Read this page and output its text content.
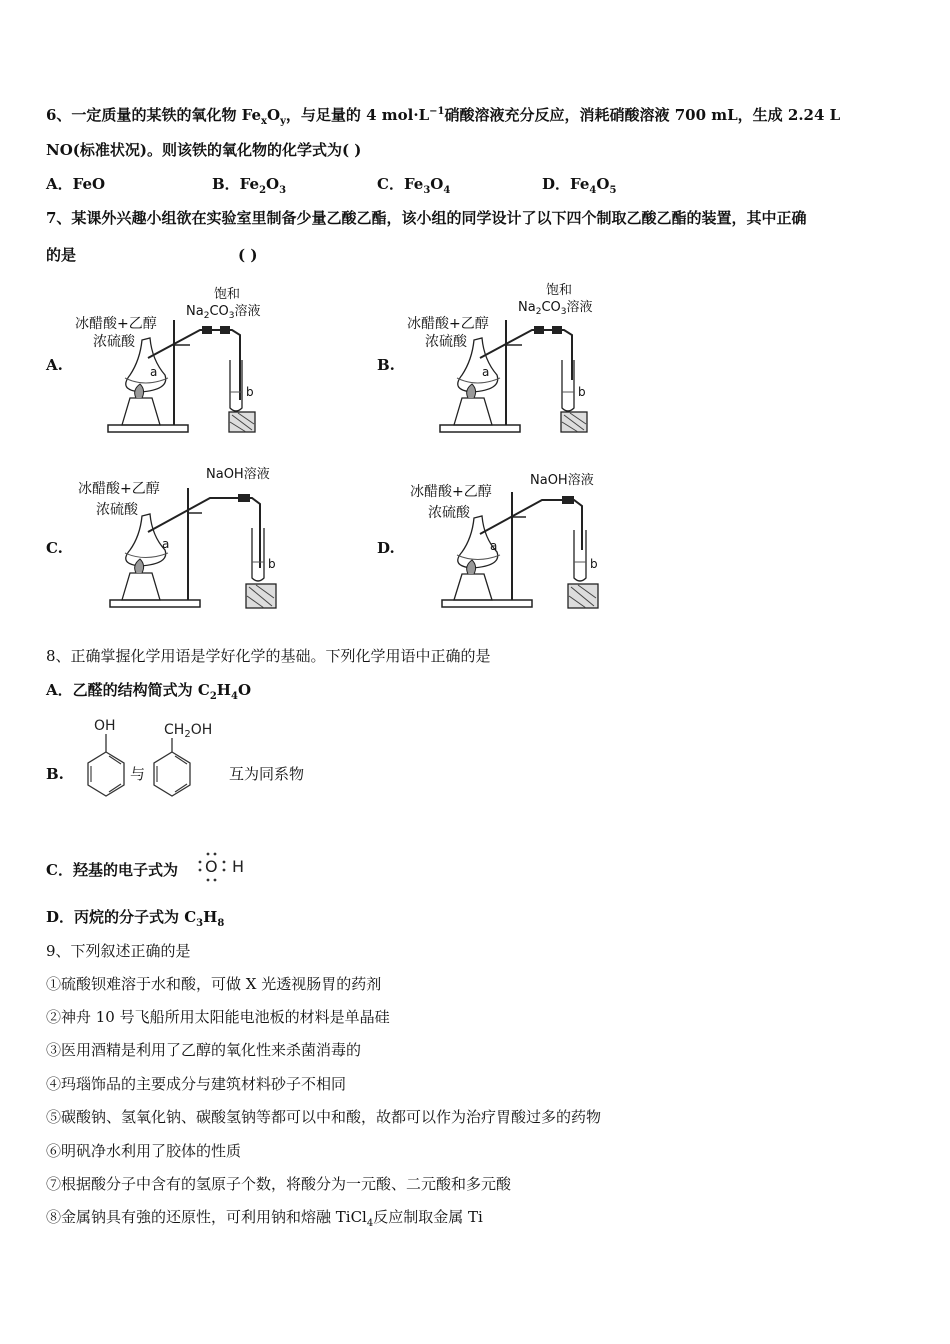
6、一定质量的某铁的氧化物 $Fe_xO_y$，与足量的 4 $mol\cdot L^{-1}$硝酸溶液充分反应，消耗硝酸溶液 700 mL，生成 2.24 L
NO(标准状况)。则该铁的氧化物的化学式为( )
A．FeO	B．$Fe_2O_3$	C．$Fe_3O_4$	D．$Fe_4O_5$
7、某课外兴趣小组欲在实验室里制备少量乙酸乙酯，该小组的同学设计了以下四个制取乙酸乙酯的装置，其中正确
的是	( )
A.	B.
C.	D.
冰醋酸+乙醇
浓硫酸
饱和
$Na_2CO_3$溶液
a
b
冰醋酸+乙醇
浓硫酸
饱和
$Na_2CO_3$溶液
a
b
冰醋酸+乙醇
浓硫酸
NaOH溶液
a
b
冰醋酸+乙醇
浓硫酸
NaOH溶液
a
b
8、正确掌握化学用语是学好化学的基础。下列化学用语中正确的是
A．乙醛的结构简式为 $C_2H_4O$
B.
OH
与
$CH_2OH$
互为同系物
C．羟基的电子式为 O H
D．丙烷的分子式为 $C_3H_8$
9、下列叙述正确的是
①硫酸钡难溶于水和酸，可做 X 光透视肠胃的药剂
②神舟 10 号飞船所用太阳能电池板的材料是单晶硅
③医用酒精是利用了乙醇的氧化性来杀菌消毒的
④玛瑙饰品的主要成分与建筑材料砂子不相同
⑤碳酸钠、氢氧化钠、碳酸氢钠等都可以中和酸，故都可以作为治疗胃酸过多的药物
⑥明矾净水利用了胶体的性质
⑦根据酸分子中含有的氢原子个数，将酸分为一元酸、二元酸和多元酸
⑧金属钠具有強的还原性，可利用钠和熔融 TiCl$_4$反应制取金属 Ti
